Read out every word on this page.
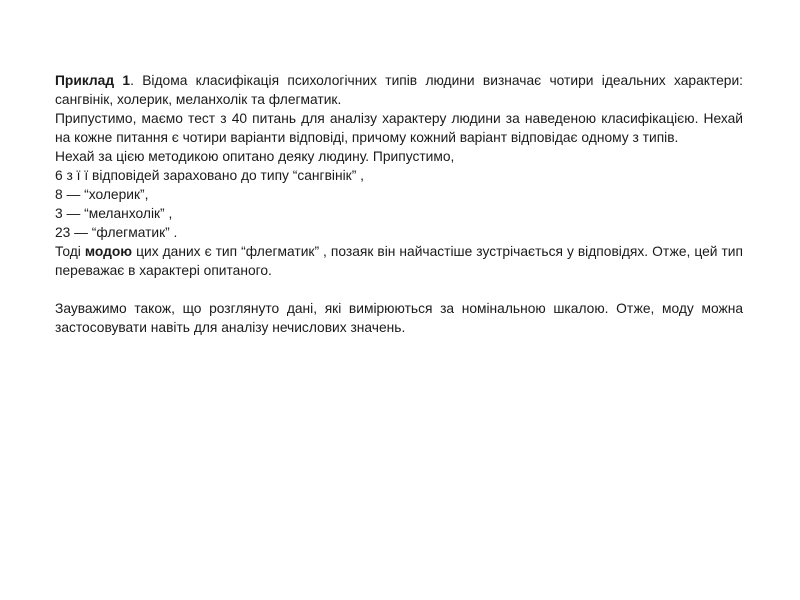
Приклад 1. Відома класифікація психологічних типів людини визначає чотири ідеальних характери: сангвінік, холерик, меланхолік та флегматик.

Припустимо, маємо тест з 40 питань для аналізу характеру людини за наведеною класифікацією. Нехай на кожне питання є чотири варіанти відповіді, причому кожний варіант відповідає одному з типів.

Нехай за цією методикою опитано деяку людину. Припустимо,

6 з ї ї відповідей зараховано до типу “сангвінік” ,

8 — “холерик”,

3 — “меланхолік” ,

23 — “флегматик” .

Тоді модою цих даних є тип “флегматик” , позаяк він найчастіше зустрічається у відповідях. Отже, цей тип переважає в характері опитаного.

Зауважимо також, що розглянуто дані, які вимірюються за номінальною шкалою. Отже, моду можна застосовувати навіть для аналізу нечислових значень.
